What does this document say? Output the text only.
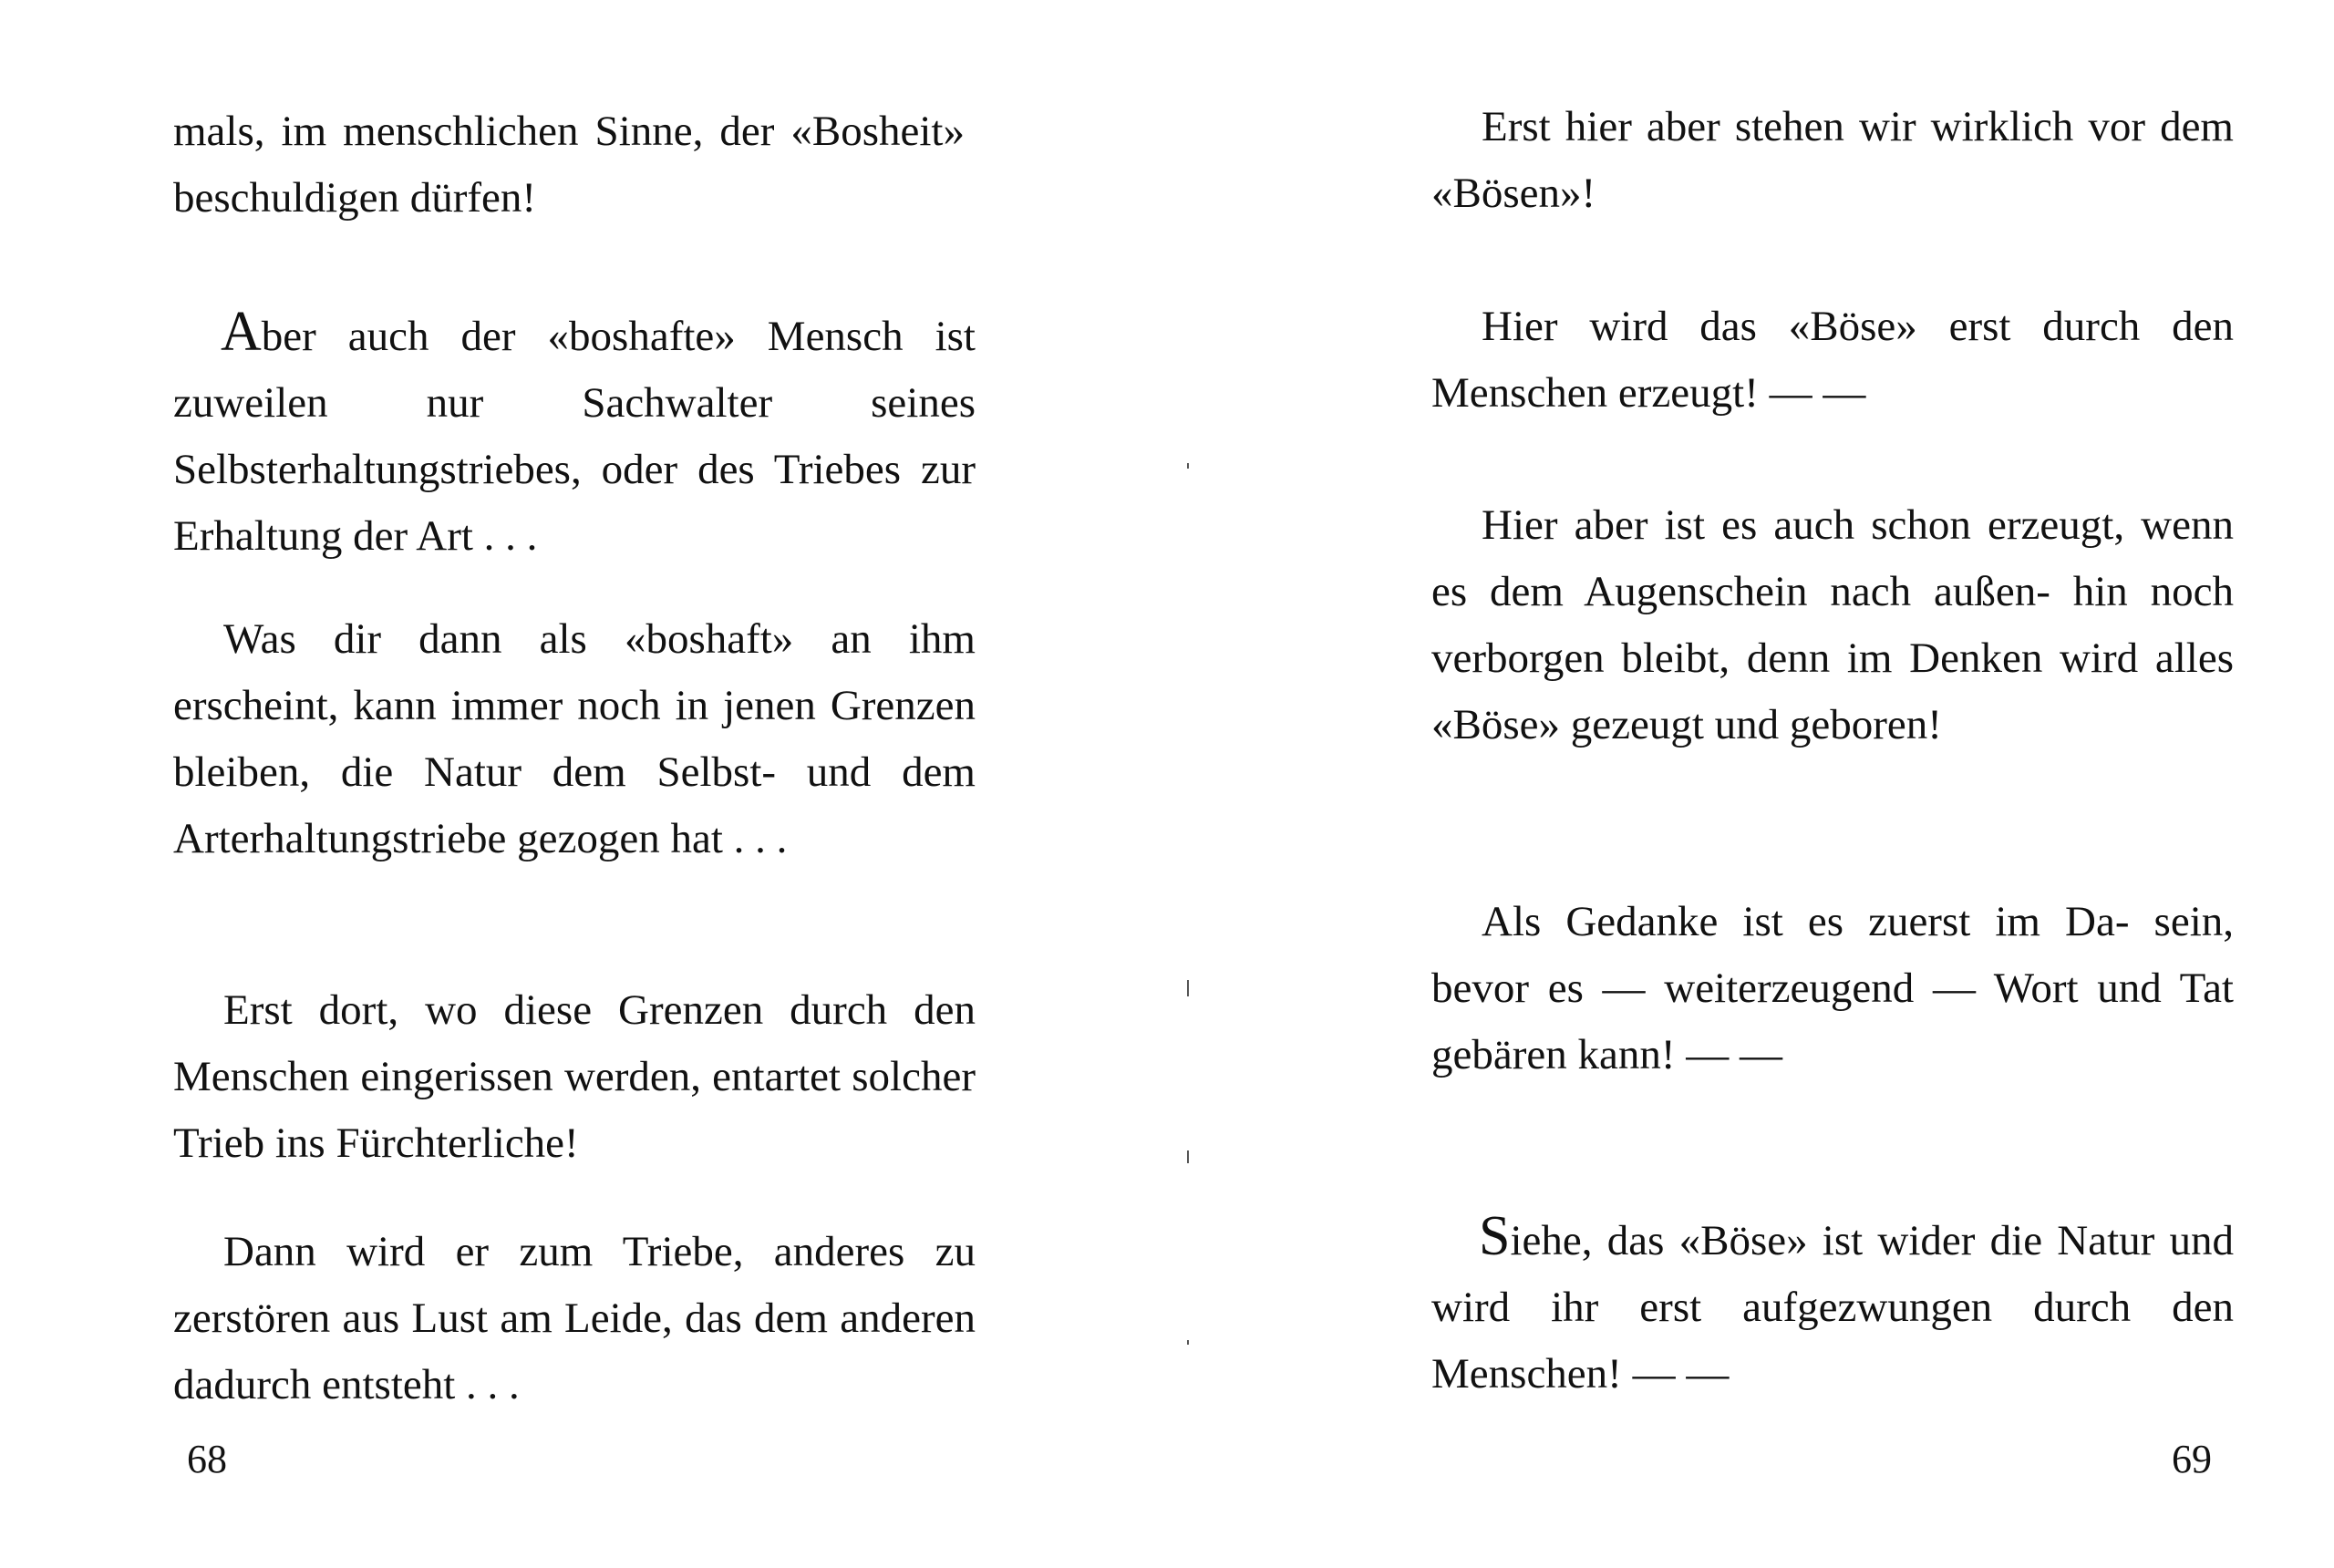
mals, im menschlichen Sinne, der «Bosheit» beschuldigen dürfen!

Aber auch der «boshafte» Mensch ist zuweilen nur Sachwalter seines Selbsterhaltungstriebes, oder des Triebes zur Erhaltung der Art . . .

Was dir dann als «boshaft» an ihm erscheint, kann immer noch in jenen Grenzen bleiben, die Natur dem Selbst- und dem Arterhaltungstriebe gezogen hat . . .

Erst dort, wo diese Grenzen durch den Menschen eingerissen werden, entartet solcher Trieb ins Fürchterliche!

Dann wird er zum Triebe, anderes zu zerstören aus Lust am Leide, das dem anderen dadurch entsteht . . .

68

Erst hier aber stehen wir wirklich vor dem «Bösen»!

Hier wird das «Böse» erst durch den Menschen erzeugt! — —

Hier aber ist es auch schon erzeugt, wenn es dem Augenschein nach außen- hin noch verborgen bleibt, denn im Denken wird alles «Böse» gezeugt und geboren!

Als Gedanke ist es zuerst im Da- sein, bevor es — weiterzeugend — Wort und Tat gebären kann! — —

Siehe, das «Böse» ist wider die Natur und wird ihr erst aufgezwungen durch den Menschen! — —

69
